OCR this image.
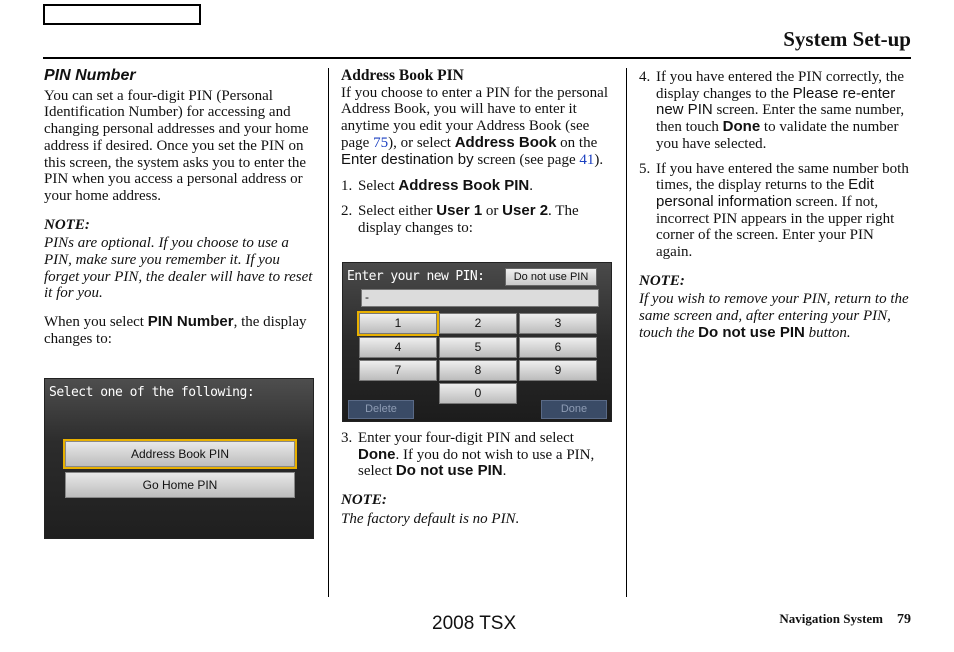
System Set-up
PIN Number

You can set a four-digit PIN (Personal Identification Number) for accessing and changing personal addresses and your home address if desired. Once you set the PIN on this screen, the system asks you to enter the PIN when you access a personal address or your home address.

NOTE:

PINs are optional. If you choose to use a PIN, make sure you remember it. If you forget your PIN, the dealer will have to reset it for you.

When you select PIN Number, the display changes to:

Select one of the following:
Address Book PIN
Go Home PIN
Address Book PIN

If you choose to enter a PIN for the personal Address Book, you will have to enter it anytime you edit your Address Book (see page 75), or select Address Book on the Enter destination by screen (see page 41).

1. Select Address Book PIN.
2. Select either User 1 or User 2. The display changes to:
Enter your new PIN:	Do not use PIN
-
1	2	3
4	5	6
7	8	9
0
Delete	Done
3. Enter your four-digit PIN and select Done. If you do not wish to use a PIN, select Do not use PIN.

NOTE:

The factory default is no PIN.

4. If you have entered the PIN correctly, the display changes to the Please re-enter new PIN screen. Enter the same number, then touch Done to validate the number you have selected.
5. If you have entered the same number both times, the display returns to the Edit personal information screen. If not, incorrect PIN appears in the upper right corner of the screen. Enter your PIN again.

NOTE:

If you wish to remove your PIN, return to the same screen and, after entering your PIN, touch the Do not use PIN button.

2008 TSX	Navigation System 79
